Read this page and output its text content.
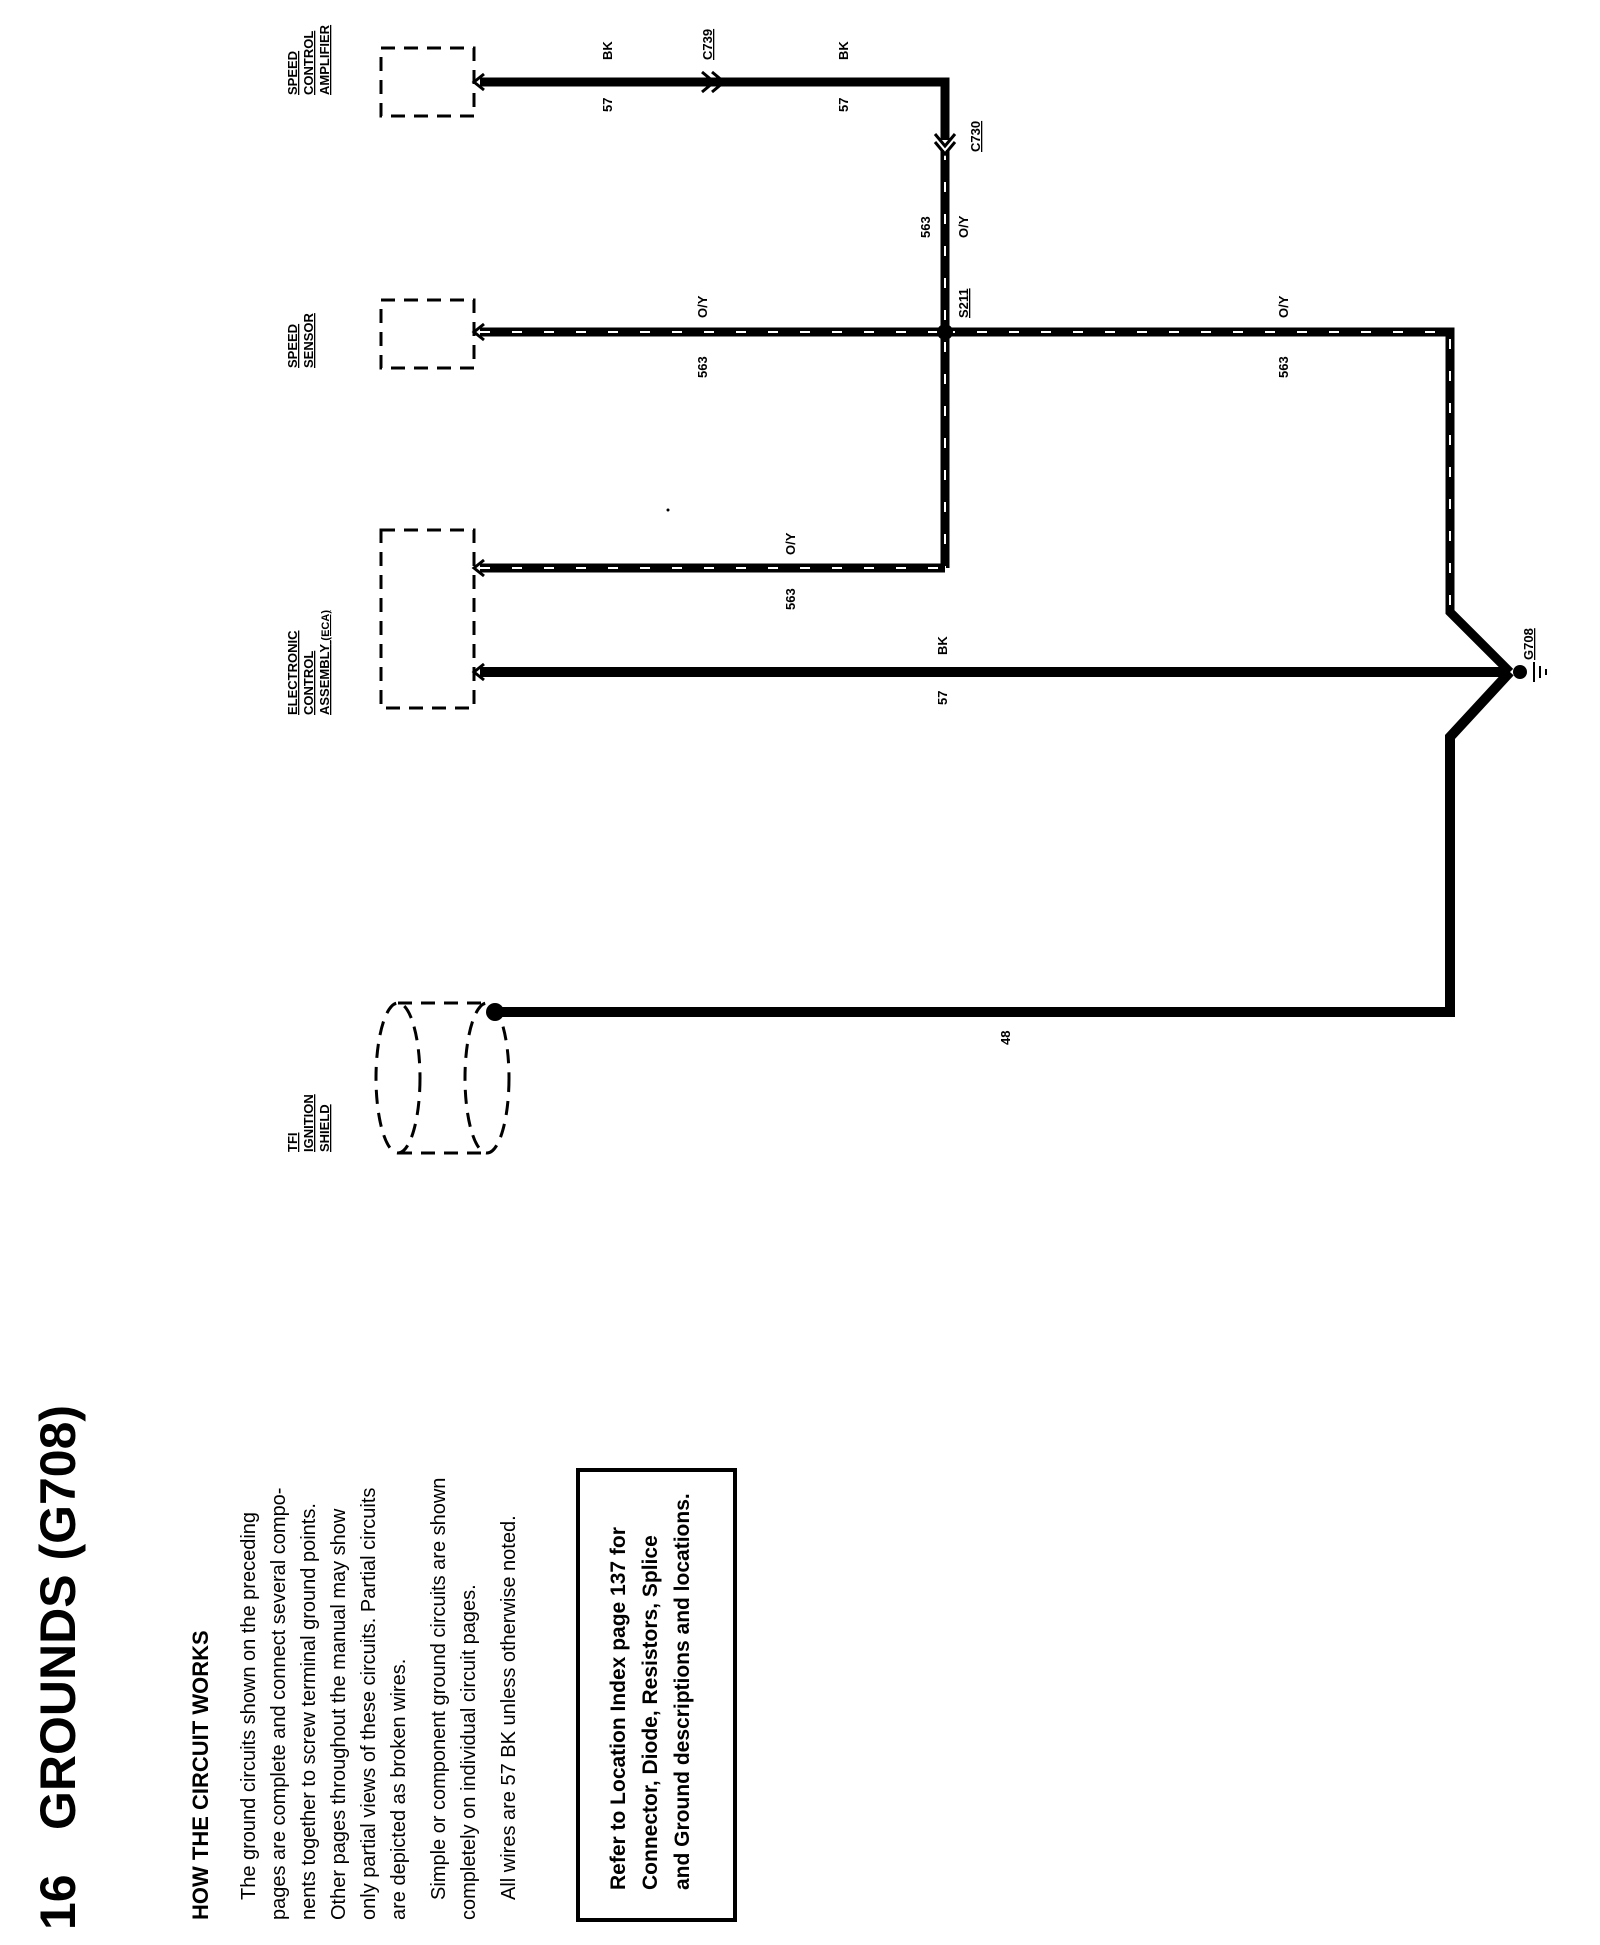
16
GROUNDS (G708)	HOW THE CIRCUIT WORKS The ground circuits shown on the preceding pages are complete and connect several compo- nents together to screw terminal ground points. Other pages throughout the manual may show only partial views of these circuits. Partial circuits are depicted as broken wires. Simple or component ground circuits are shown completely on individual circuit pages. All wires are 57 BK unless otherwise noted.	Refer to Location Index page 137 for Connector, Diode, Resistors, Splice and Ground descriptions and locations.
SPEED CONTROL AMPLIFIER
SPEED SENSOR
ELECTRONIC CONTROL ASSEMBLY (ECA)
TFI IGNITION SHIELD
BK
57
C739	BK
57
C730
563 O/Y
S211
O/Y
563
O/Y
563
O/Y
563
BK
57
G708
48
